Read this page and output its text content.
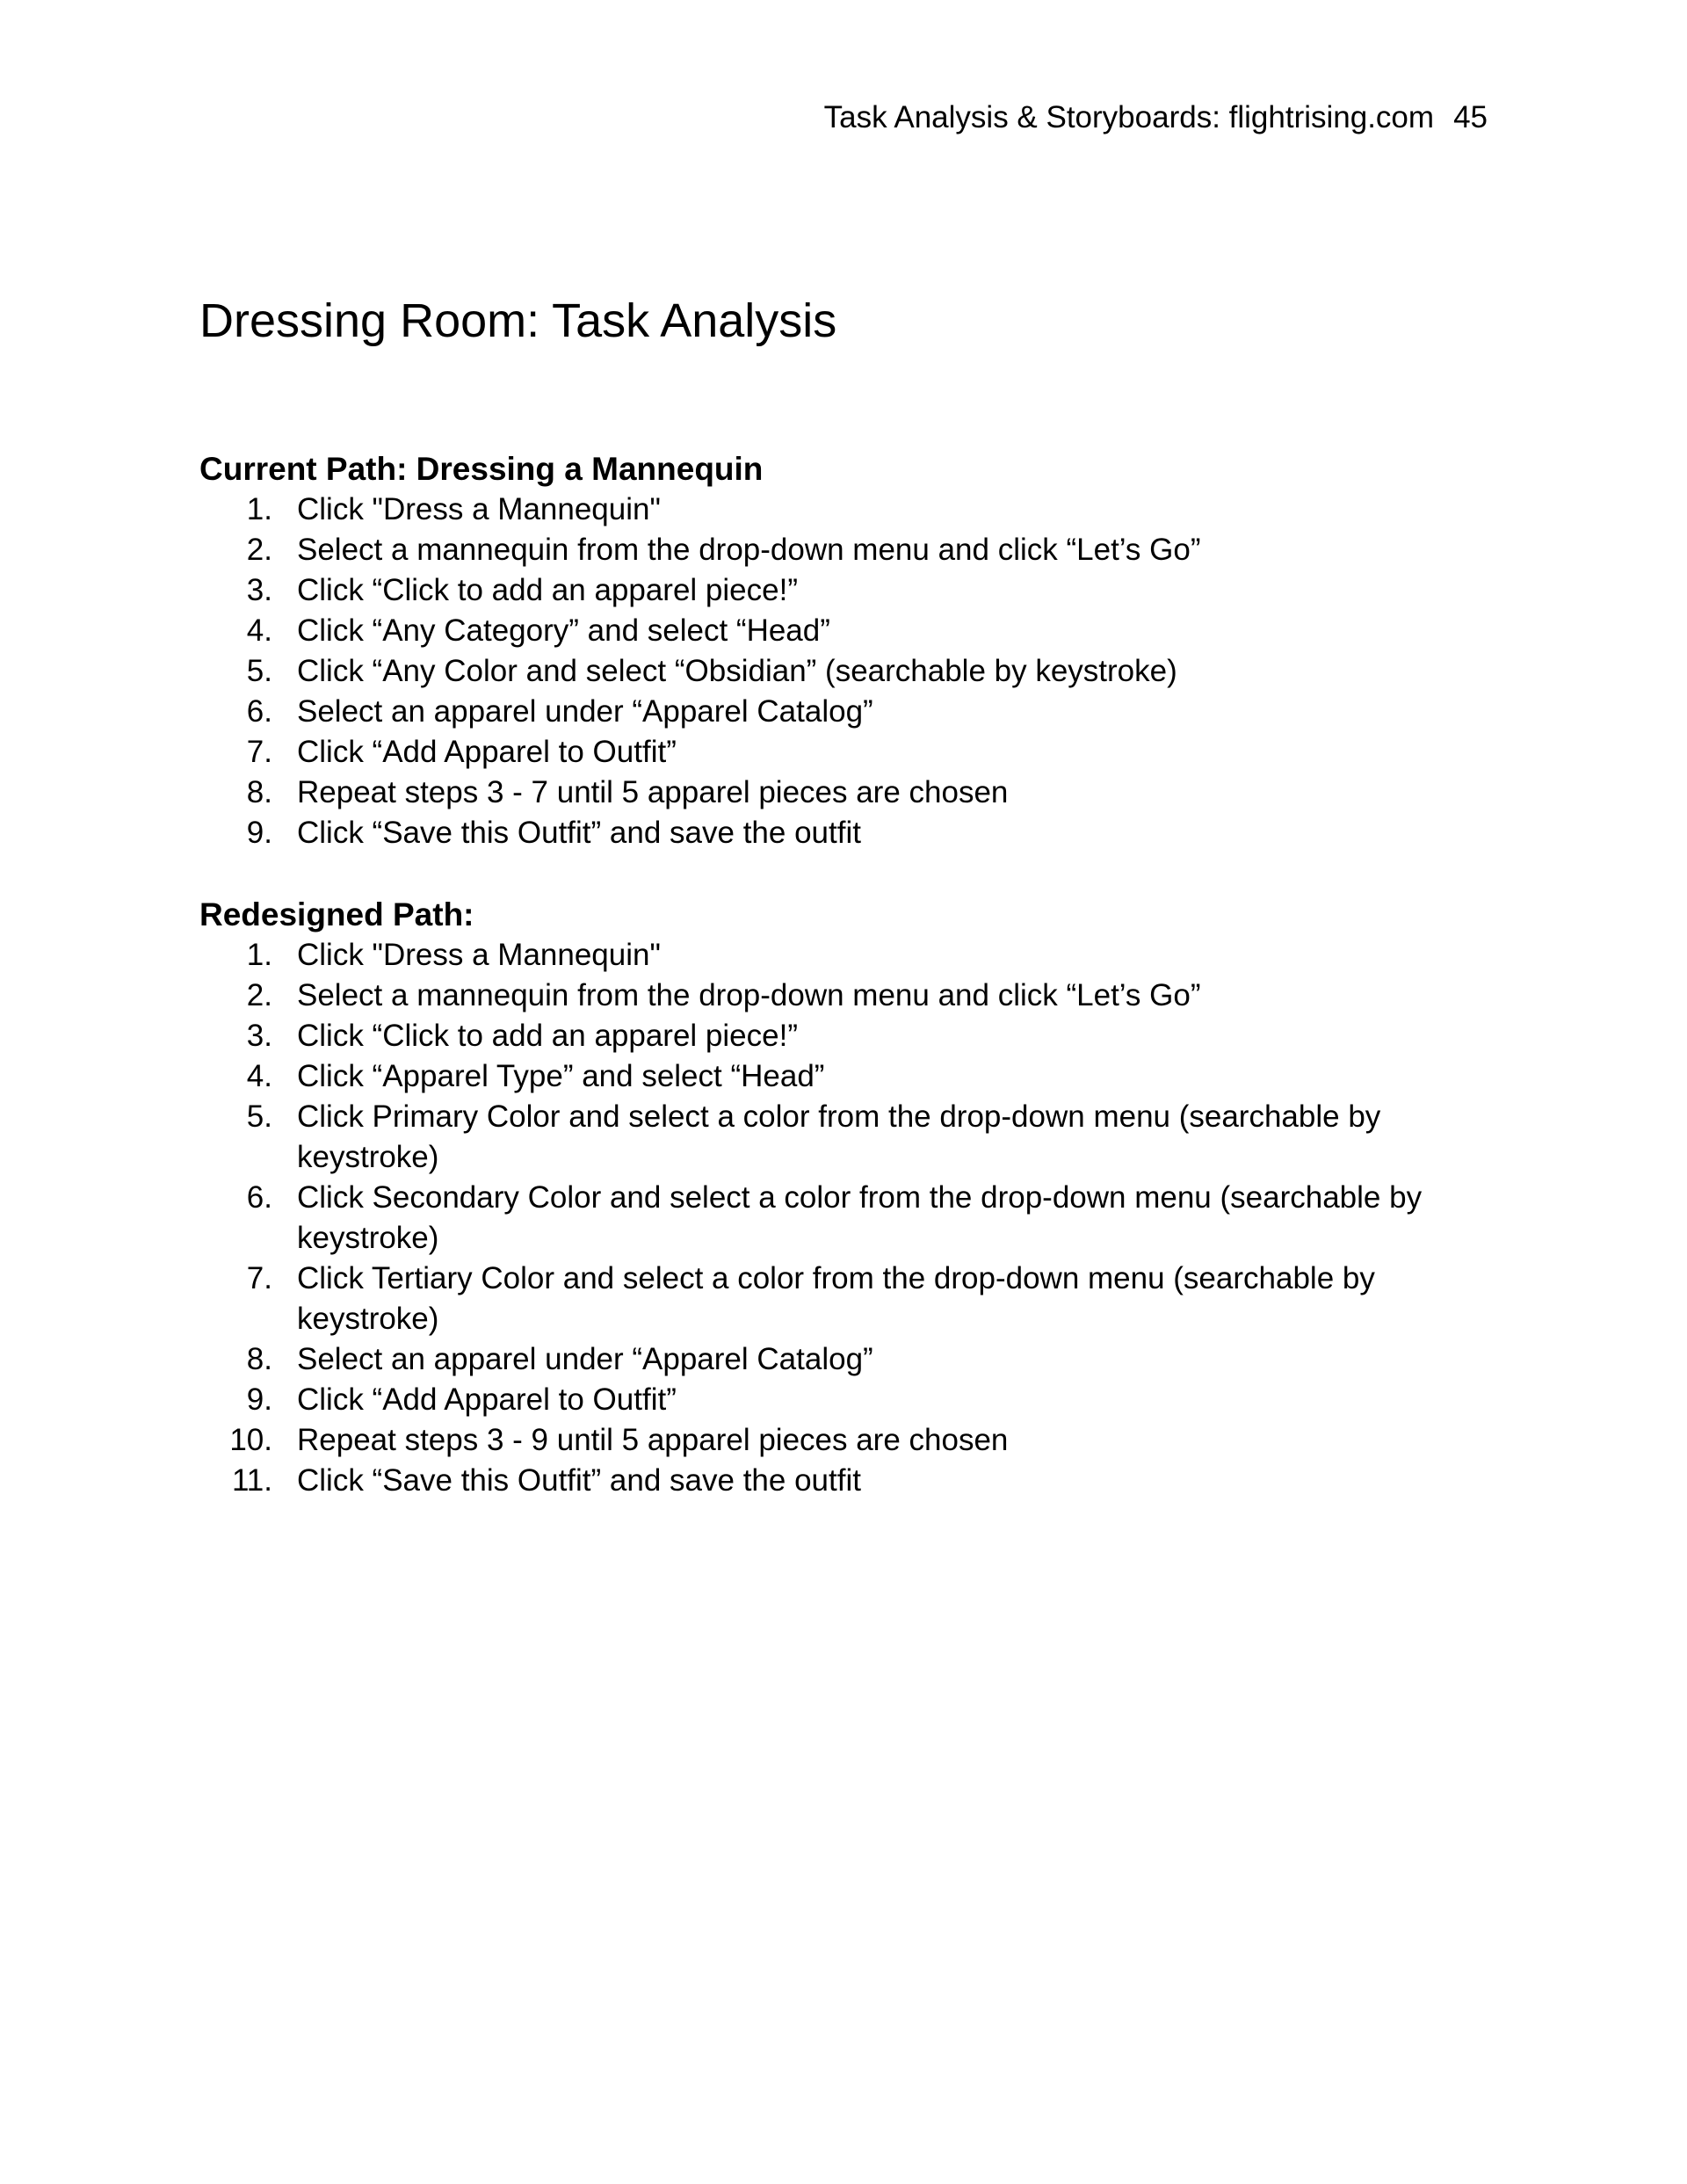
Task Analysis & Storyboards: flightrising.com 45
Dressing Room: Task Analysis
Current Path: Dressing a Mannequin
1. Click "Dress a Mannequin"
2. Select a mannequin from the drop-down menu and click “Let’s Go”
3. Click “Click to add an apparel piece!”
4. Click “Any Category” and select “Head”
5. Click “Any Color and select “Obsidian” (searchable by keystroke)
6. Select an apparel under “Apparel Catalog”
7. Click “Add Apparel to Outfit”
8. Repeat steps 3 - 7 until 5 apparel pieces are chosen
9. Click “Save this Outfit” and save the outfit
Redesigned Path:
1. Click "Dress a Mannequin"
2. Select a mannequin from the drop-down menu and click “Let’s Go”
3. Click “Click to add an apparel piece!”
4. Click “Apparel Type” and select “Head”
5. Click Primary Color and select a color from the drop-down menu (searchable by keystroke)
6. Click Secondary Color and select a color from the drop-down menu (searchable by keystroke)
7. Click Tertiary Color and select a color from the drop-down menu (searchable by keystroke)
8. Select an apparel under “Apparel Catalog”
9. Click “Add Apparel to Outfit”
10. Repeat steps 3 - 9 until 5 apparel pieces are chosen
11. Click “Save this Outfit” and save the outfit
